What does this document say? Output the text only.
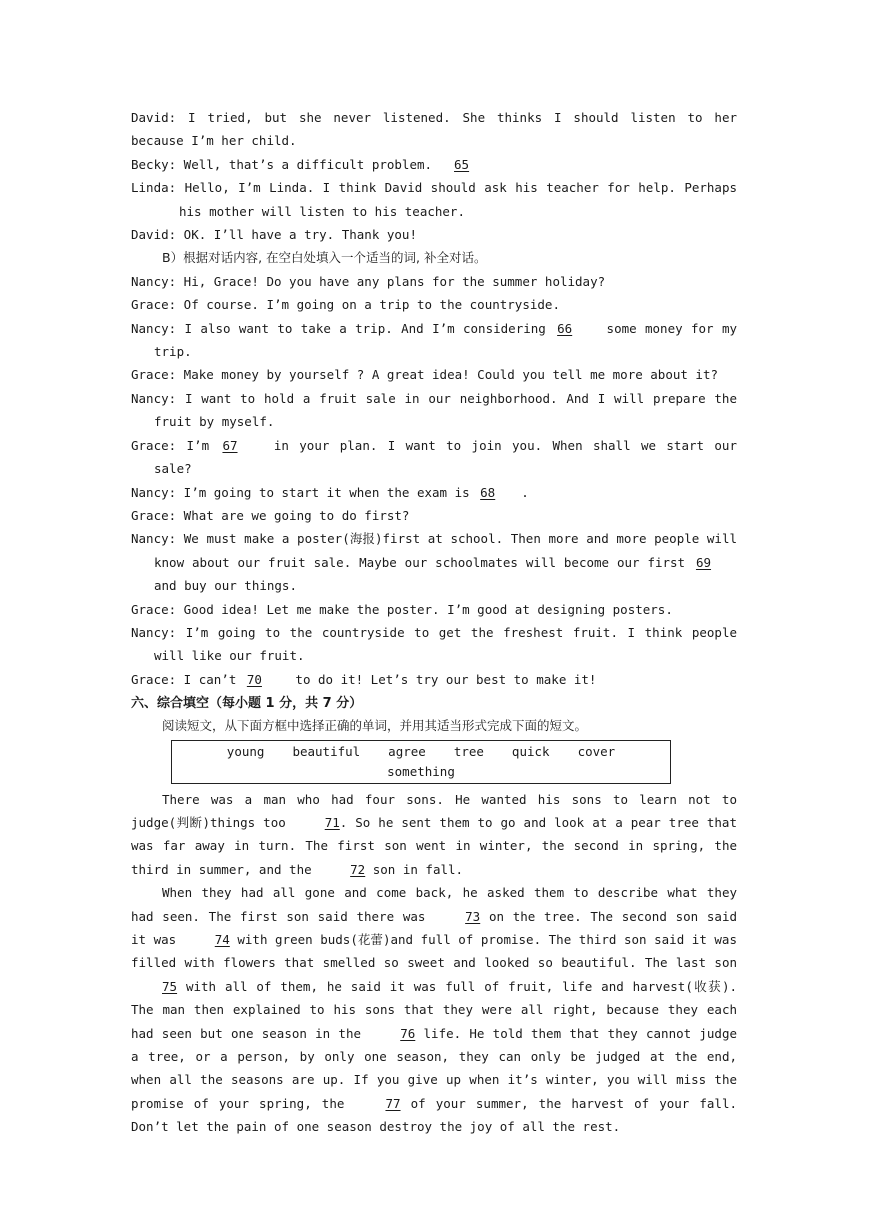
David: I tried, but she never listened. She thinks I should listen to her because I’m her child.

Becky: Well, that’s a difficult problem. 65

Linda: Hello, I’m Linda. I think David should ask his teacher for help. Perhaps his mother will listen to his teacher.

David: OK. I’ll have a try. Thank you!

B）根据对话内容, 在空白处填入一个适当的词, 补全对话。

Nancy: Hi, Grace! Do you have any plans for the summer holiday?

Grace: Of course. I’m going on a trip to the countryside.

Nancy: I also want to take a trip. And I’m considering 66 some money for my trip.

Grace: Make money by yourself ? A great idea! Could you tell me more about it?

Nancy: I want to hold a fruit sale in our neighborhood. And I will prepare the fruit by myself.

Grace: I’m 67 in your plan. I want to join you. When shall we start our sale?

Nancy: I’m going to start it when the exam is 68 .

Grace: What are we going to do first?

Nancy: We must make a poster(海报)first at school. Then more and more people will know about our fruit sale. Maybe our schoolmates will become our first 69 and buy our things.

Grace: Good idea! Let me make the poster. I’m good at designing posters.

Nancy: I’m going to the countryside to get the freshest fruit. I think people will like our fruit.

Grace: I can’t 70 to do it! Let’s try our best to make it!

六、综合填空（每小题 1 分，共 7 分）

阅读短文，从下面方框中选择正确的单词，并用其适当形式完成下面的短文。

young beautiful agree tree quick cover
something

There was a man who had four sons. He wanted his sons to learn not to judge(判断)things too 71. So he sent them to go and look at a pear tree that was far away in turn. The first son went in winter, the second in spring, the third in summer, and the 72 son in fall.

When they had all gone and come back, he asked them to describe what they had seen. The first son said there was 73 on the tree. The second son said it was 74 with green buds(花蕾)and full of promise. The third son said it was filled with flowers that smelled so sweet and looked so beautiful. The last son 75 with all of them, he said it was full of fruit, life and harvest(收获). The man then explained to his sons that they were all right, because they each had seen but one season in the 76 life. He told them that they cannot judge a tree, or a person, by only one season, they can only be judged at the end, when all the seasons are up. If you give up when it’s winter, you will miss the promise of your spring, the 77 of your summer, the harvest of your fall. Don’t let the pain of one season destroy the joy of all the rest.
